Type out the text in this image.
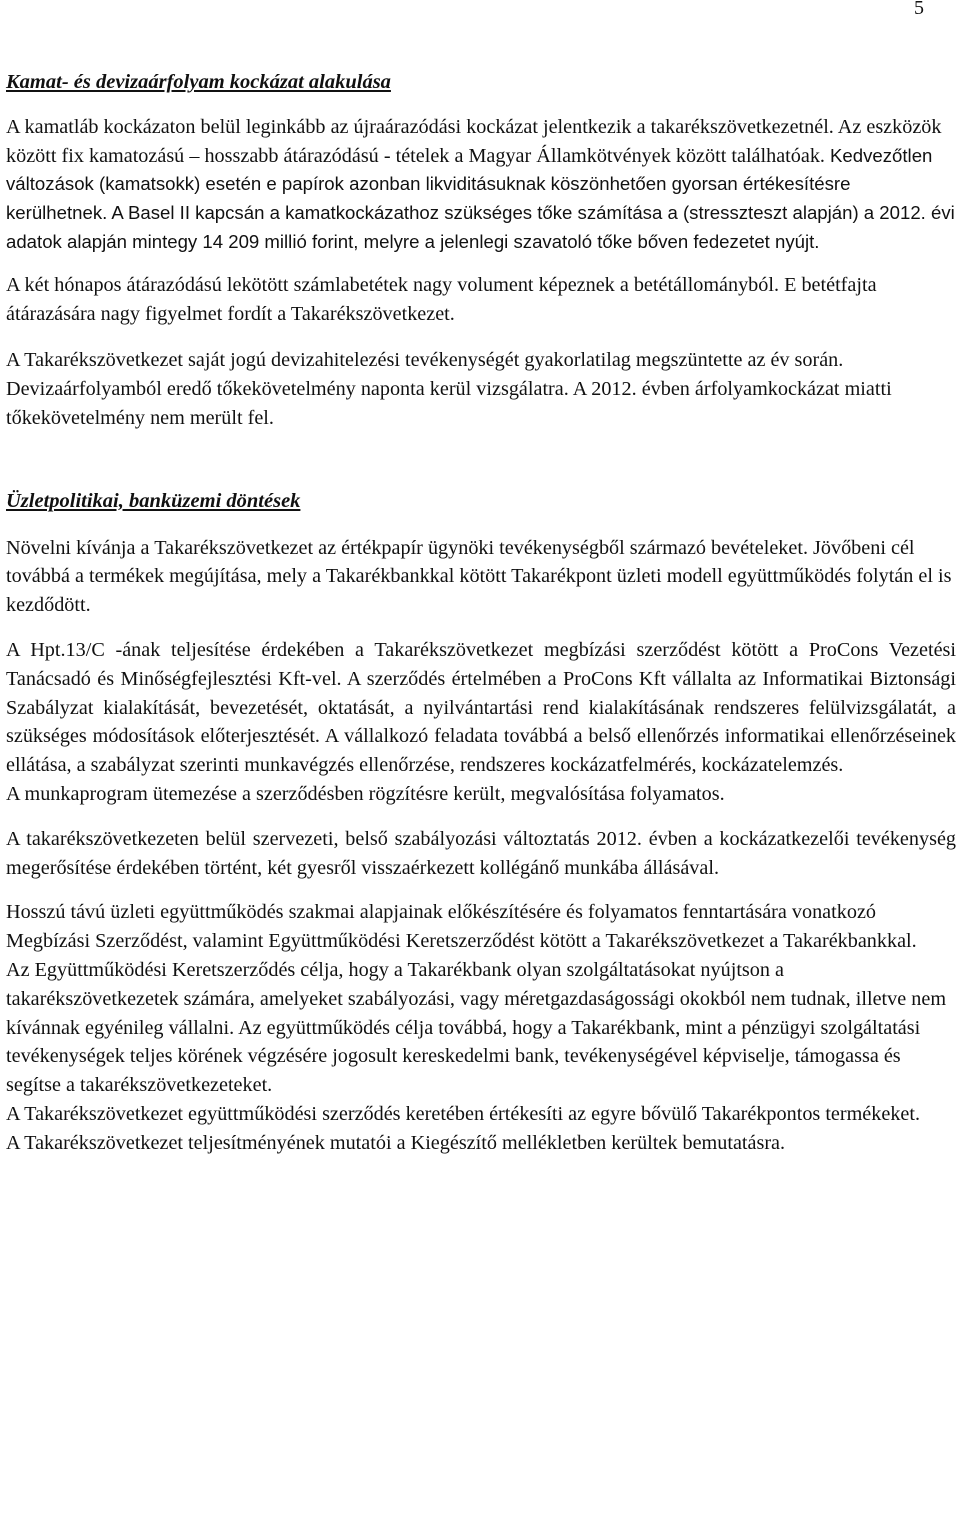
5
Kamat- és devizaárfolyam kockázat alakulása

A kamatláb kockázaton belül leginkább az újraárazódási kockázat jelentkezik a takarékszövetkezetnél. Az eszközök között fix kamatozású – hosszabb átárazódású - tételek a Magyar Államkötvények között találhatóak. Kedvezőtlen változások (kamatsokk) esetén e papírok azonban likviditásuknak köszönhetően gyorsan értékesítésre kerülhetnek. A Basel II kapcsán a kamatkockázathoz szükséges tőke számítása a (stresszteszt alapján) a 2012. évi adatok alapján mintegy 14 209 millió forint, melyre a jelenlegi szavatoló tőke bőven fedezetet nyújt.

A két hónapos átárazódású lekötött számlabetétek nagy volument képeznek a betétállományból. E betétfajta átárazására nagy figyelmet fordít a Takarékszövetkezet.

A Takarékszövetkezet saját jogú devizahitelezési tevékenységét gyakorlatilag megszüntette az év során. Devizaárfolyamból eredő tőkekövetelmény naponta kerül vizsgálatra. A 2012. évben árfolyamkockázat miatti tőkekövetelmény nem merült fel.

Üzletpolitikai, banküzemi döntések

Növelni kívánja a Takarékszövetkezet az értékpapír ügynöki tevékenységből származó bevételeket. Jövőbeni cél továbbá a termékek megújítása, mely a Takarékbankkal kötött Takarékpont üzleti modell együttműködés folytán el is kezdődött.

A Hpt.13/C -ának teljesítése érdekében a Takarékszövetkezet megbízási szerződést kötött a ProCons Vezetési Tanácsadó és Minőségfejlesztési Kft-vel. A szerződés értelmében a ProCons Kft vállalta az Informatikai Biztonsági Szabályzat kialakítását, bevezetését, oktatását, a nyilvántartási rend kialakításának rendszeres felülvizsgálatát, a szükséges módosítások előterjesztését. A vállalkozó feladata továbbá a belső ellenőrzés informatikai ellenőrzéseinek ellátása, a szabályzat szerinti munkavégzés ellenőrzése, rendszeres kockázatfelmérés, kockázatelemzés.

A munkaprogram ütemezése a szerződésben rögzítésre került, megvalósítása folyamatos.

A takarékszövetkezeten belül szervezeti, belső szabályozási változtatás 2012. évben a kockázatkezelői tevékenység megerősítése érdekében történt, két gyesről visszaérkezett kollégánő munkába állásával.

Hosszú távú üzleti együttműködés szakmai alapjainak előkészítésére és folyamatos fenntartására vonatkozó Megbízási Szerződést, valamint Együttműködési Keretszerződést kötött a Takarékszövetkezet a Takarékbankkal.

Az Együttműködési Keretszerződés célja, hogy a Takarékbank olyan szolgáltatásokat nyújtson a takarékszövetkezetek számára, amelyeket szabályozási, vagy méretgazdaságossági okokból nem tudnak, illetve nem kívánnak egyénileg vállalni. Az együttműködés célja továbbá, hogy a Takarékbank, mint a pénzügyi szolgáltatási tevékenységek teljes körének végzésére jogosult kereskedelmi bank, tevékenységével képviselje, támogassa és segítse a takarékszövetkezeteket.

A Takarékszövetkezet együttműködési szerződés keretében értékesíti az egyre bővülő Takarékpontos termékeket.

A Takarékszövetkezet teljesítményének mutatói a Kiegészítő mellékletben kerültek bemutatásra.
